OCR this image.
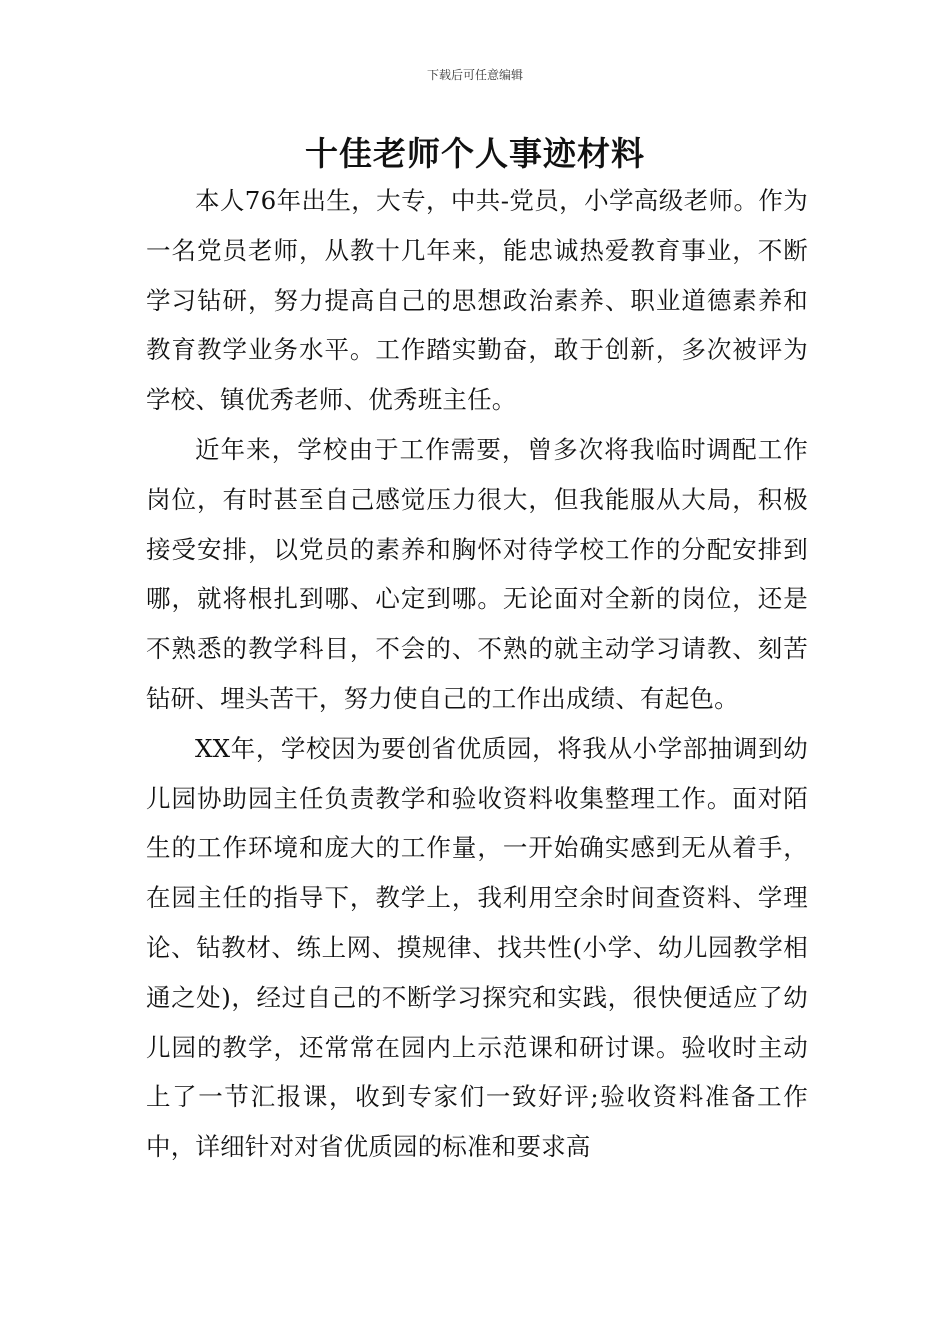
下载后可任意编辑
十佳老师个人事迹材料

本人76年出生，大专，中共-党员，小学高级老师。作为一名党员老师，从教十几年来，能忠诚热爱教育事业，不断学习钻研，努力提高自己的思想政治素养、职业道德素养和教育教学业务水平。工作踏实勤奋，敢于创新，多次被评为学校、镇优秀老师、优秀班主任。

近年来，学校由于工作需要，曾多次将我临时调配工作岗位，有时甚至自己感觉压力很大，但我能服从大局，积极接受安排，以党员的素养和胸怀对待学校工作的分配安排到哪，就将根扎到哪、心定到哪。无论面对全新的岗位，还是不熟悉的教学科目，不会的、不熟的就主动学习请教、刻苦钻研、埋头苦干，努力使自己的工作出成绩、有起色。

XX年，学校因为要创省优质园，将我从小学部抽调到幼儿园协助园主任负责教学和验收资料收集整理工作。面对陌生的工作环境和庞大的工作量，一开始确实感到无从着手，在园主任的指导下，教学上，我利用空余时间查资料、学理论、钻教材、练上网、摸规律、找共性(小学、幼儿园教学相通之处)，经过自己的不断学习探究和实践，很快便适应了幼儿园的教学，还常常在园内上示范课和研讨课。验收时主动上了一节汇报课，收到专家们一致好评;验收资料准备工作中，详细针对对省优质园的标准和要求高
